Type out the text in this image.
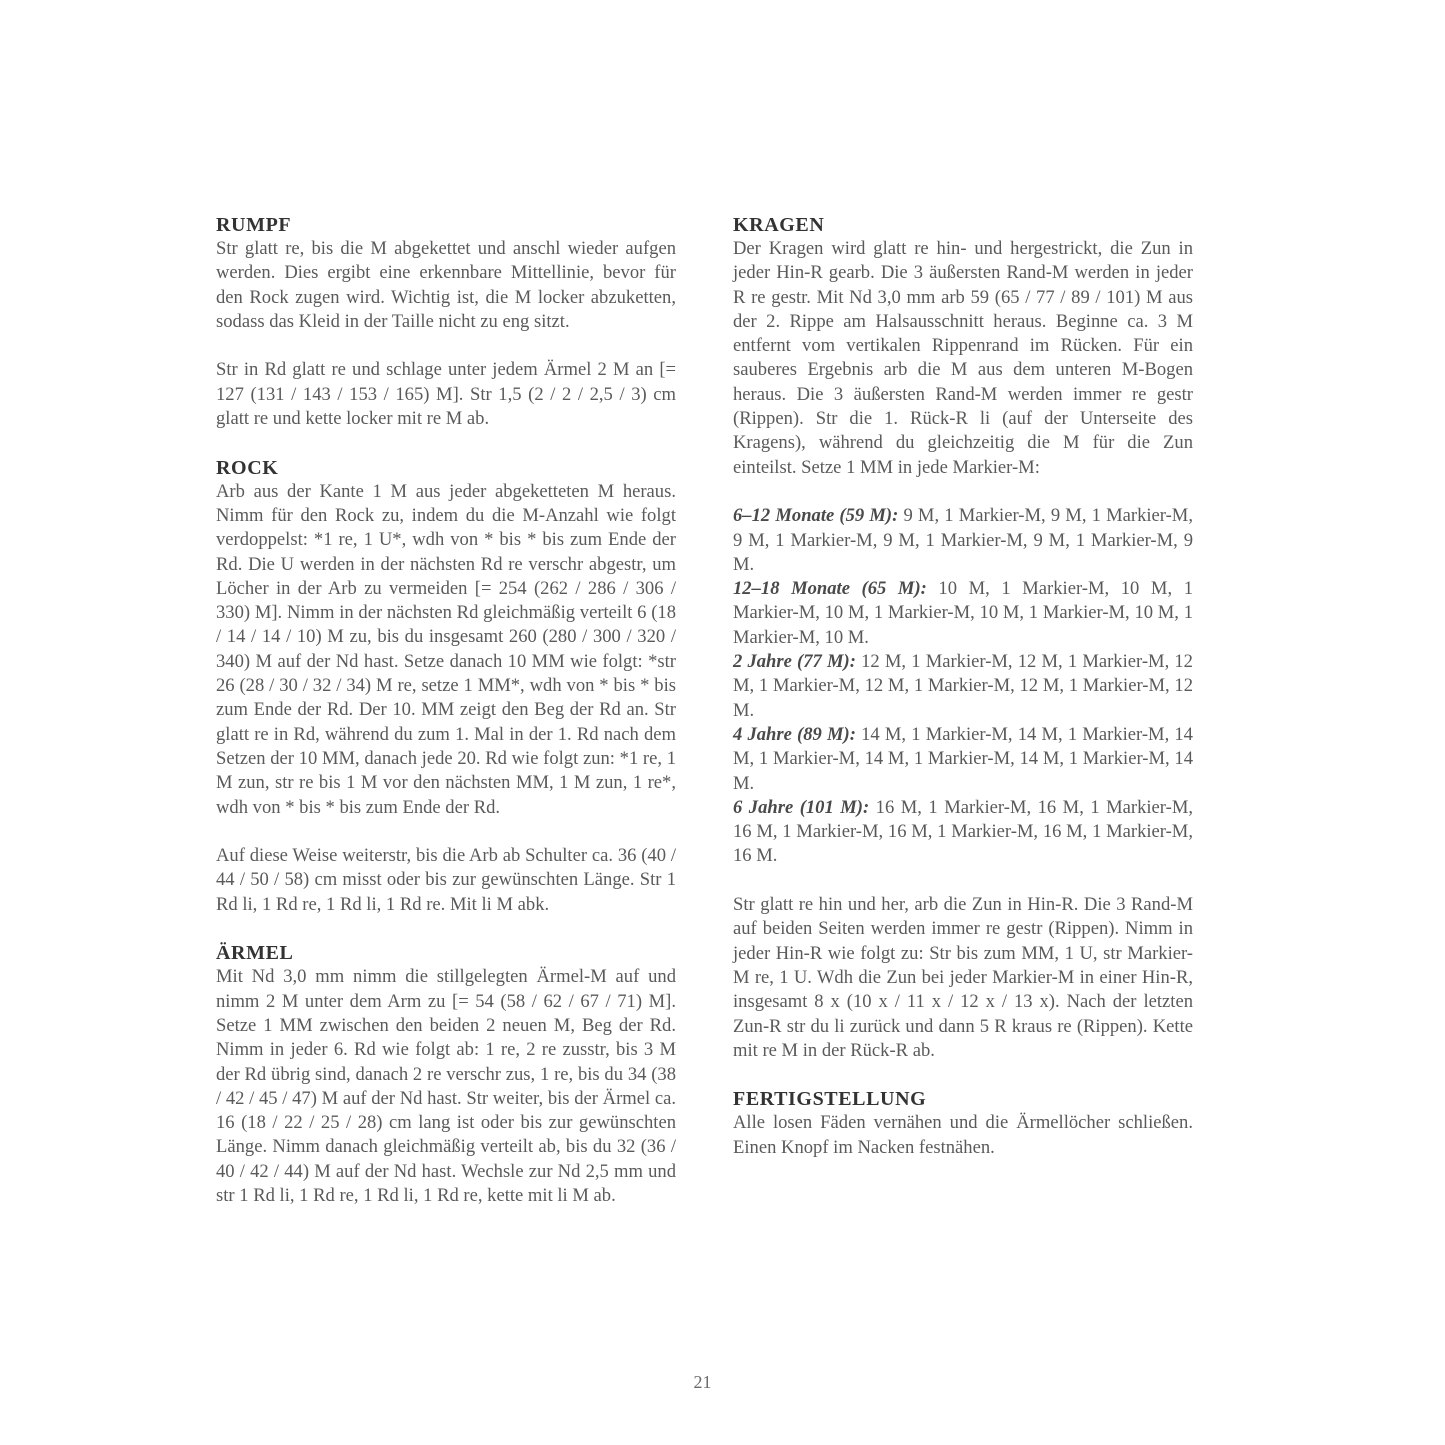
RUMPF

Str glatt re, bis die M abgekettet und anschl wieder aufgen werden. Dies ergibt eine erkennbare Mittellinie, bevor für den Rock zugen wird. Wichtig ist, die M locker abzuketten, sodass das Kleid in der Taille nicht zu eng sitzt.

Str in Rd glatt re und schlage unter jedem Ärmel 2 M an [= 127 (131 / 143 / 153 / 165) M]. Str 1,5 (2 / 2 / 2,5 / 3) cm glatt re und kette locker mit re M ab.

ROCK

Arb aus der Kante 1 M aus jeder abgeketteten M heraus. Nimm für den Rock zu, indem du die M-Anzahl wie folgt verdoppelst: *1 re, 1 U*, wdh von * bis * bis zum Ende der Rd. Die U werden in der nächsten Rd re verschr abgestr, um Löcher in der Arb zu vermeiden [= 254 (262 / 286 / 306 / 330) M]. Nimm in der nächsten Rd gleichmäßig verteilt 6 (18 / 14 / 14 / 10) M zu, bis du insgesamt 260 (280 / 300 / 320 / 340) M auf der Nd hast. Setze danach 10 MM wie folgt: *str 26 (28 / 30 / 32 / 34) M re, setze 1 MM*, wdh von * bis * bis zum Ende der Rd. Der 10. MM zeigt den Beg der Rd an. Str glatt re in Rd, während du zum 1. Mal in der 1. Rd nach dem Setzen der 10 MM, danach jede 20. Rd wie folgt zun: *1 re, 1 M zun, str re bis 1 M vor den nächsten MM, 1 M zun, 1 re*, wdh von * bis * bis zum Ende der Rd.

Auf diese Weise weiterstr, bis die Arb ab Schulter ca. 36 (40 / 44 / 50 / 58) cm misst oder bis zur gewünschten Länge. Str 1 Rd li, 1 Rd re, 1 Rd li, 1 Rd re. Mit li M abk.

ÄRMEL

Mit Nd 3,0 mm nimm die stillgelegten Ärmel-M auf und nimm 2 M unter dem Arm zu [= 54 (58 / 62 / 67 / 71) M]. Setze 1 MM zwischen den beiden 2 neuen M, Beg der Rd. Nimm in jeder 6. Rd wie folgt ab: 1 re, 2 re zusstr, bis 3 M der Rd übrig sind, danach 2 re verschr zus, 1 re, bis du 34 (38 / 42 / 45 / 47) M auf der Nd hast. Str weiter, bis der Ärmel ca. 16 (18 / 22 / 25 / 28) cm lang ist oder bis zur gewünschten Länge. Nimm danach gleichmäßig verteilt ab, bis du 32 (36 / 40 / 42 / 44) M auf der Nd hast. Wechsle zur Nd 2,5 mm und str 1 Rd li, 1 Rd re, 1 Rd li, 1 Rd re, kette mit li M ab.

KRAGEN

Der Kragen wird glatt re hin- und hergestrickt, die Zun in jeder Hin-R gearb. Die 3 äußersten Rand-M werden in jeder R re gestr. Mit Nd 3,0 mm arb 59 (65 / 77 / 89 / 101) M aus der 2. Rippe am Halsausschnitt heraus. Beginne ca. 3 M entfernt vom vertikalen Rippenrand im Rücken. Für ein sauberes Ergebnis arb die M aus dem unteren M-Bogen heraus. Die 3 äußersten Rand-M werden immer re gestr (Rippen). Str die 1. Rück-R li (auf der Unterseite des Kragens), während du gleichzeitig die M für die Zun einteilst. Setze 1 MM in jede Markier-M:

6–12 Monate (59 M): 9 M, 1 Markier-M, 9 M, 1 Markier-M, 9 M, 1 Markier-M, 9 M, 1 Markier-M, 9 M, 1 Markier-M, 9 M.
12–18 Monate (65 M): 10 M, 1 Markier-M, 10 M, 1 Markier-M, 10 M, 1 Markier-M, 10 M, 1 Markier-M, 10 M, 1 Markier-M, 10 M.
2 Jahre (77 M): 12 M, 1 Markier-M, 12 M, 1 Markier-M, 12 M, 1 Markier-M, 12 M, 1 Markier-M, 12 M, 1 Markier-M, 12 M.
4 Jahre (89 M): 14 M, 1 Markier-M, 14 M, 1 Markier-M, 14 M, 1 Markier-M, 14 M, 1 Markier-M, 14 M, 1 Markier-M, 14 M.
6 Jahre (101 M): 16 M, 1 Markier-M, 16 M, 1 Markier-M, 16 M, 1 Markier-M, 16 M, 1 Markier-M, 16 M, 1 Markier-M, 16 M.

Str glatt re hin und her, arb die Zun in Hin-R. Die 3 Rand-M auf beiden Seiten werden immer re gestr (Rippen). Nimm in jeder Hin-R wie folgt zu: Str bis zum MM, 1 U, str Markier-M re, 1 U. Wdh die Zun bei jeder Markier-M in einer Hin-R, insgesamt 8 x (10 x / 11 x / 12 x / 13 x). Nach der letzten Zun-R str du li zurück und dann 5 R kraus re (Rippen). Kette mit re M in der Rück-R ab.

FERTIGSTELLUNG

Alle losen Fäden vernähen und die Ärmellöcher schließen. Einen Knopf im Nacken festnähen.

21
